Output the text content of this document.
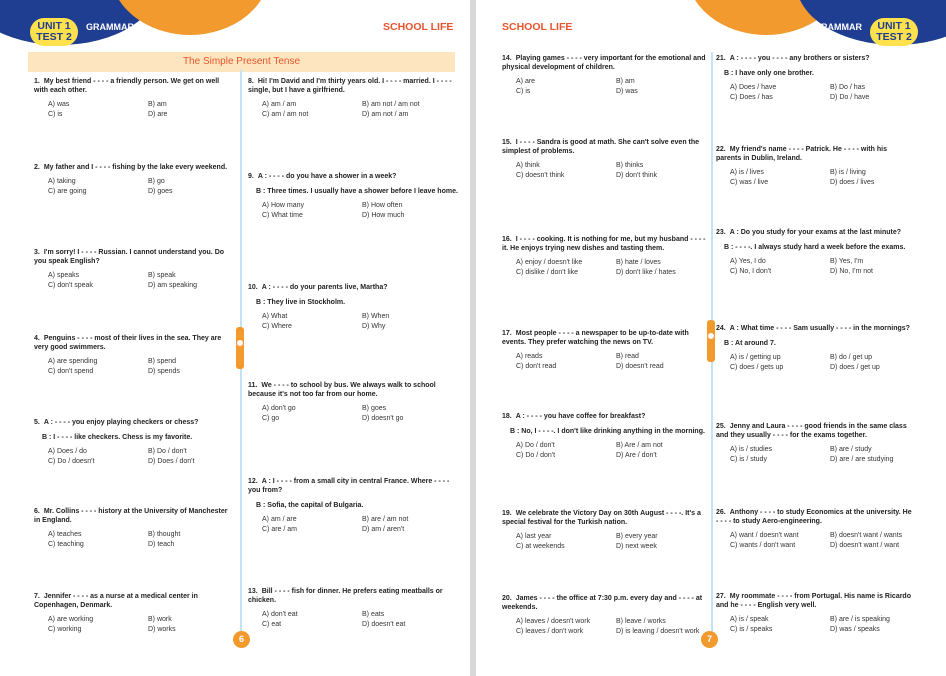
UNIT 1
TEST 2
GRAMMAR	SCHOOL LIFE
The Simple Present Tense
1. My best friend - - - - a friendly person. We get on well with each other.
A) was	B) am
C) is	D) are
2. My father and I - - - - fishing by the lake every weekend.
A) taking	B) go
C) are going	D) goes
3. I'm sorry! I - - - - Russian. I cannot understand you. Do you speak English?
A) speaks	B) speak
C) don't speak	D) am speaking
4. Penguins - - - - most of their lives in the sea. They are very good swimmers.
A) are spending	B) spend
C) don't spend	D) spends
5. A : - - - - you enjoy playing checkers or chess?
B : I - - - - like checkers. Chess is my favorite.
A) Does / do	B) Do / don't
C) Do / doesn't	D) Does / don't
6. Mr. Collins - - - - history at the University of Manchester in England.
A) teaches	B) thought
C) teaching	D) teach
7. Jennifer - - - - as a nurse at a medical center in Copenhagen, Denmark.
A) are working	B) work
C) working	D) works
8. Hi! I'm David and I'm thirty years old. I - - - - married. I - - - - single, but I have a girlfriend.
A) am / am	B) am not / am not
C) am / am not	D) am not / am
9. A : - - - - do you have a shower in a week?
B : Three times. I usually have a shower before I leave home.
A) How many	B) How often
C) What time	D) How much
10. A : - - - - do your parents live, Martha?
B : They live in Stockholm.
A) What	B) When
C) Where	D) Why
11. We - - - - to school by bus. We always walk to school because it's not too far from our home.
A) don't go	B) goes
C) go	D) doesn't go
12. A : I - - - - from a small city in central France. Where - - - - you from?
B : Sofia, the capital of Bulgaria.
A) am / are	B) are / am not
C) are / am	D) am / aren't
13. Bill - - - - fish for dinner. He prefers eating meatballs or chicken.
A) don't eat	B) eats
C) eat	D) doesn't eat
6
SCHOOL LIFE	GRAMMAR	UNIT 1
TEST 2
14. Playing games - - - - very important for the emotional and physical development of children.
A) are	B) am
C) is	D) was
15. I - - - - Sandra is good at math. She can't solve even the simplest of problems.
A) think	B) thinks
C) doesn't think	D) don't think
16. I - - - - cooking. It is nothing for me, but my husband - - - - it. He enjoys trying new dishes and tasting them.
A) enjoy / doesn't like	B) hate / loves
C) dislike / don't like	D) don't like / hates
17. Most people - - - - a newspaper to be up-to-date with events. They prefer watching the news on TV.
A) reads	B) read
C) don't read	D) doesn't read
18. A : - - - - you have coffee for breakfast?
B : No, I - - - -. I don't like drinking anything in the morning.
A) Do / don't	B) Are / am not
C) Do / don't	D) Are / don't
19. We celebrate the Victory Day on 30th August - - - -. It's a special festival for the Turkish nation.
A) last year	B) every year
C) at weekends	D) next week
20. James - - - - the office at 7:30 p.m. every day and - - - - at weekends.
A) leaves / doesn't work	B) leave / works
C) leaves / don't work	D) is leaving / doesn't work
21. A : - - - - you - - - - any brothers or sisters?
B : I have only one brother.
A) Does / have	B) Do / has
C) Does / has	D) Do / have
22. My friend's name - - - - Patrick. He - - - - with his parents in Dublin, Ireland.
A) is / lives	B) is / living
C) was / live	D) does / lives
23. A : Do you study for your exams at the last minute?
B : - - - -. I always study hard a week before the exams.
A) Yes, I do	B) Yes, I'm
C) No, I don't	D) No, I'm not
24. A : What time - - - - Sam usually - - - - in the mornings?
B : At around 7.
A) is / getting up	B) do / get up
C) does / gets up	D) does / get up
25. Jenny and Laura - - - - good friends in the same class and they usually - - - - for the exams together.
A) is / studies	B) are / study
C) is / study	D) are / are studying
26. Anthony - - - - to study Economics at the university. He - - - - to study Aero-engineering.
A) want / doesn't want	B) doesn't want / wants
C) wants / don't want	D) doesn't want / want
27. My roommate - - - - from Portugal. His name is Ricardo and he - - - - English very well.
A) is / speak	B) are / is speaking
C) is / speaks	D) was / speaks
7
